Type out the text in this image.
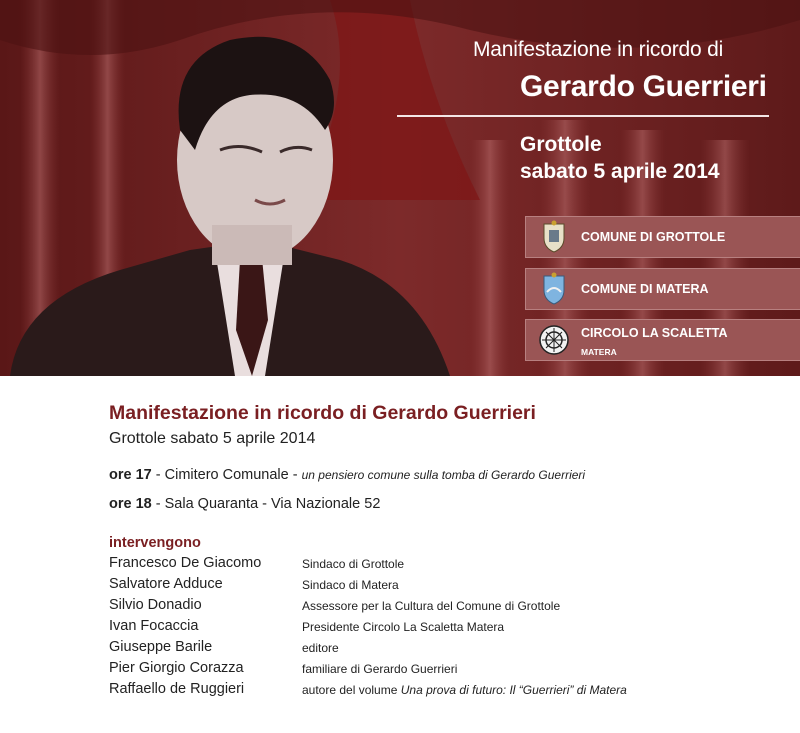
Manifestazione in ricordo di
Gerardo Guerrieri
Grottole
sabato 5 aprile 2014
COMUNE DI GROTTOLE
COMUNE DI MATERA
CIRCOLO LA SCALETTA
MATERA
Manifestazione in ricordo di Gerardo Guerrieri
Grottole sabato 5 aprile 2014
ore 17 - Cimitero Comunale - un pensiero comune sulla tomba di Gerardo Guerrieri
ore 18 - Sala Quaranta - Via Nazionale 52
intervengono
Francesco De Giacomo	Sindaco di Grottole
Salvatore Adduce	Sindaco di Matera
Silvio Donadio	Assessore per la Cultura del Comune di Grottole
Ivan Focaccia	Presidente Circolo La Scaletta Matera
Giuseppe Barile	editore
Pier Giorgio Corazza	familiare di Gerardo Guerrieri
Raffaello de Ruggieri	autore del volume Una prova di futuro: Il “Guerrieri” di Matera
